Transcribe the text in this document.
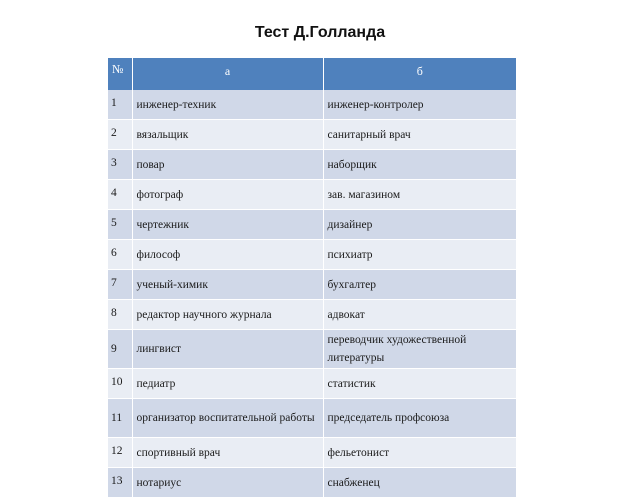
Тест Д.Голланда
№	а	б
1	инженер-техник	инженер-контролер
2	вязальщик	санитарный врач
3	повар	наборщик
4	фотограф	зав. магазином
5	чертежник	дизайнер
6	философ	психиатр
7	ученый-химик	бухгалтер
8	редактор научного журнала	адвокат
9	лингвист	переводчик художественной литературы
10	педиатр	статистик
11	организатор воспитательной работы	председатель профсоюза
12	спортивный врач	фельетонист
13	нотариус	снабженец
